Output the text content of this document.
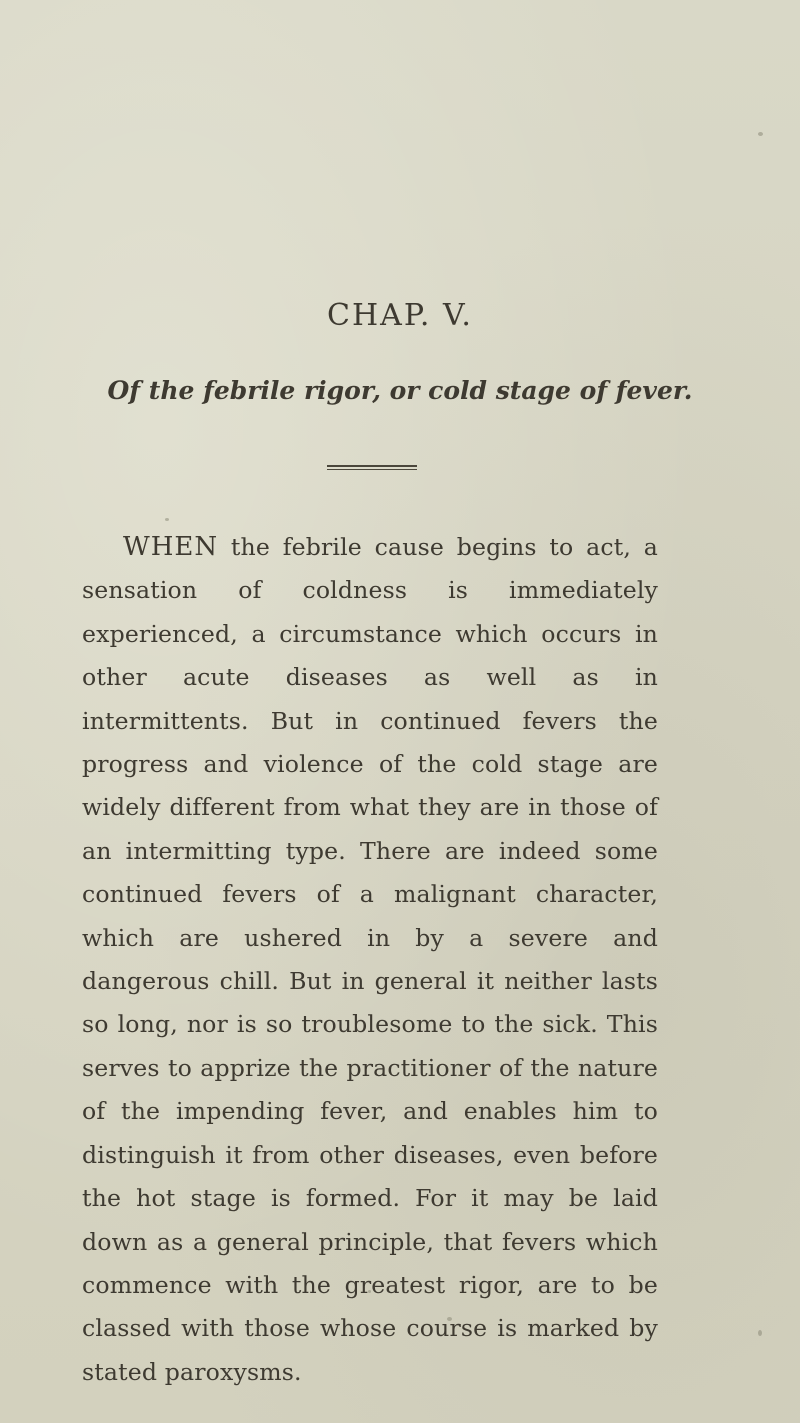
CHAP. V.
Of the febrile rigor, or cold stage of fever.

WHEN the febrile cause begins to act, a sensation of coldness is immediately experienced, a circumstance which occurs in other acute diseases as well as in intermittents. But in continued fevers the progress and violence of the cold stage are widely different from what they are in those of an intermitting type. There are indeed some continued fevers of a malignant character, which are ushered in by a severe and dangerous chill. But in general it neither lasts so long, nor is so troublesome to the sick. This serves to apprize the practitioner of the nature of the impending fever, and enables him to distinguish it from other diseases, even before the hot stage is formed. For it may be laid down as a general principle, that fevers which commence with the greatest rigor, are to be classed with those whose course is marked by stated paroxysms.
